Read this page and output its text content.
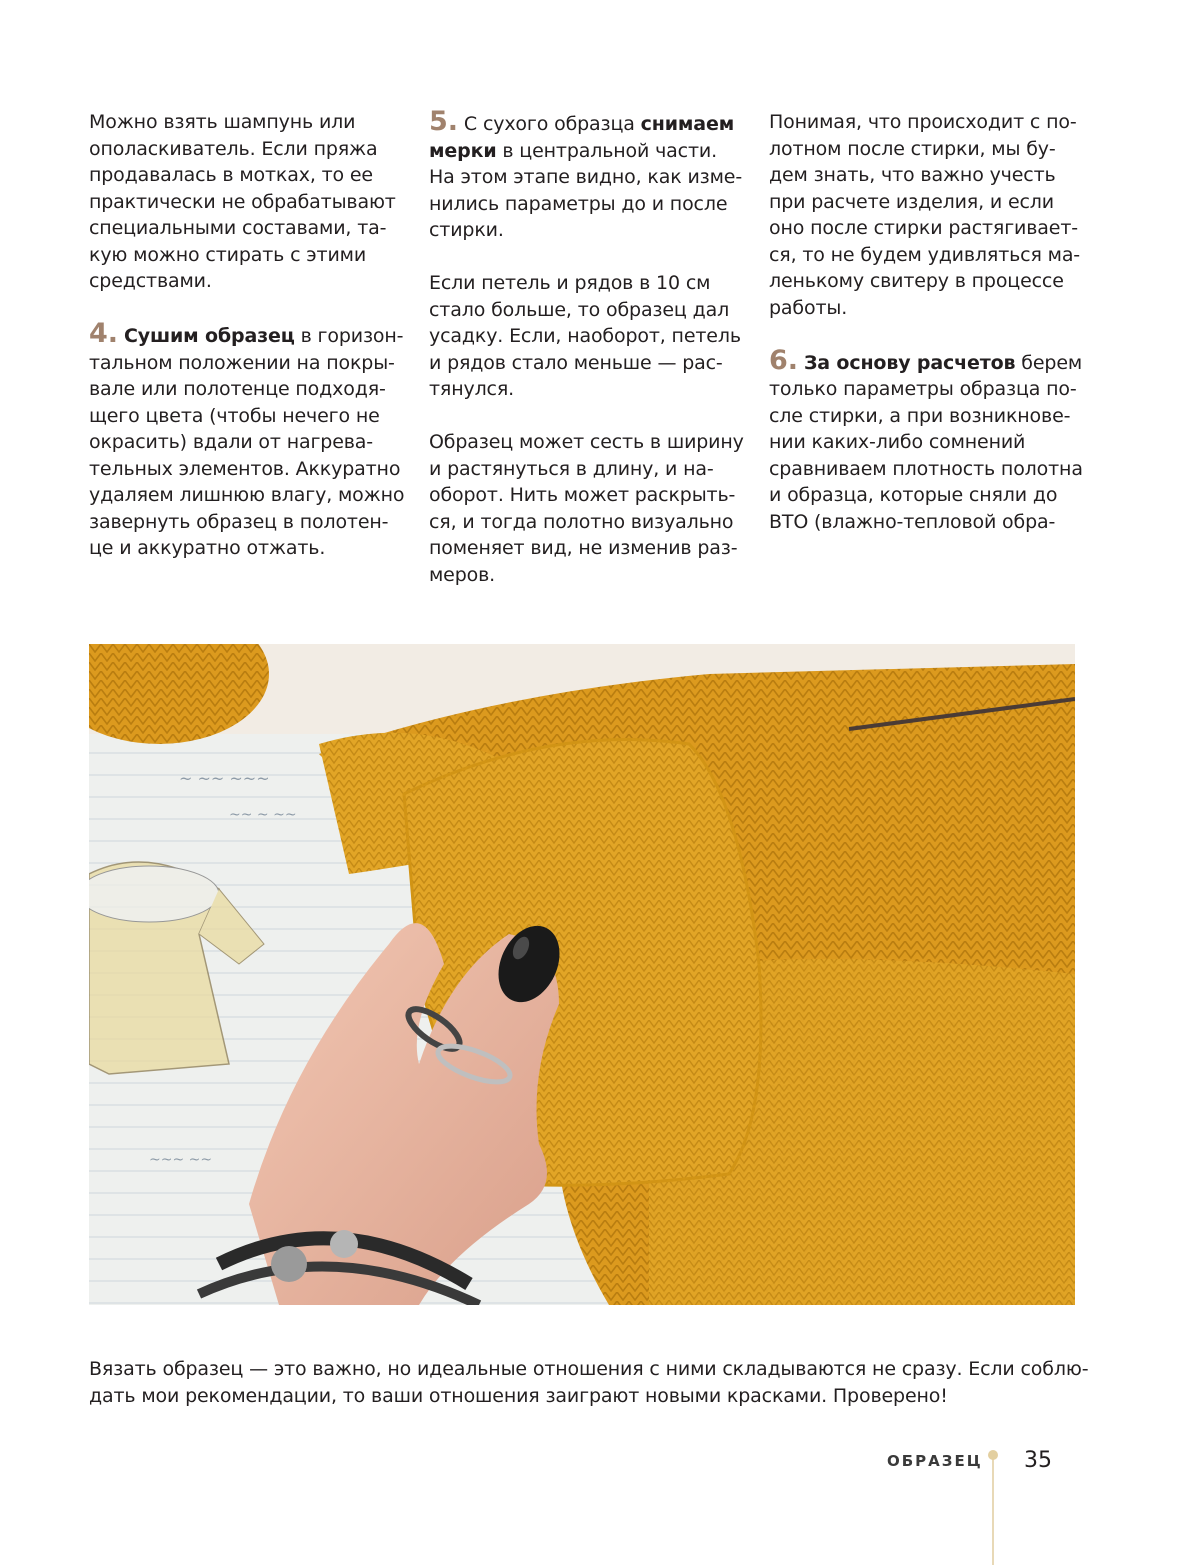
Можно взять шампунь или

ополаскиватель. Если пряжа

продавалась в мотках, то ее

практически не обрабатывают

специальными составами, та-

кую можно стирать с этими

средствами.

4. Сушим образец в горизон-

тальном положении на покры-

вале или полотенце подходя-

щего цвета (чтобы нечего не

окрасить) вдали от нагрева-

тельных элементов. Аккуратно

удаляем лишнюю влагу, можно

завернуть образец в полотен-

це и аккуратно отжать.

5. С сухого образца снимаем

мерки в центральной части.

На этом этапе видно, как изме-

нились параметры до и после

стирки.

Если петель и рядов в 10 см

стало больше, то образец дал

усадку. Если, наоборот, петель

и рядов стало меньше — рас-

тянулся.

Образец может сесть в ширину

и растянуться в длину, и на-

оборот. Нить может раскрыть-

ся, и тогда полотно визуально

поменяет вид, не изменив раз-

меров.

Понимая, что происходит с по-

лотном после стирки, мы бу-

дем знать, что важно учесть

при расчете изделия, и если

оно после стирки растягивает-

ся, то не будем удивляться ма-

ленькому свитеру в процессе

работы.

6. За основу расчетов берем

только параметры образца по-

сле стирки, а при возникнове-

нии каких-либо сомнений

сравниваем плотность полотна

и образца, которые сняли до

ВТО (влажно-тепловой обра-

~ ~~ ~~~
~~ ~ ~~
~~~ ~~

Вязать образец — это важно, но идеальные отношения с ними складываются не сразу. Если соблю-

дать мои рекомендации, то ваши отношения заиграют новыми красками. Проверено!

ОБРАЗЕЦ 35
